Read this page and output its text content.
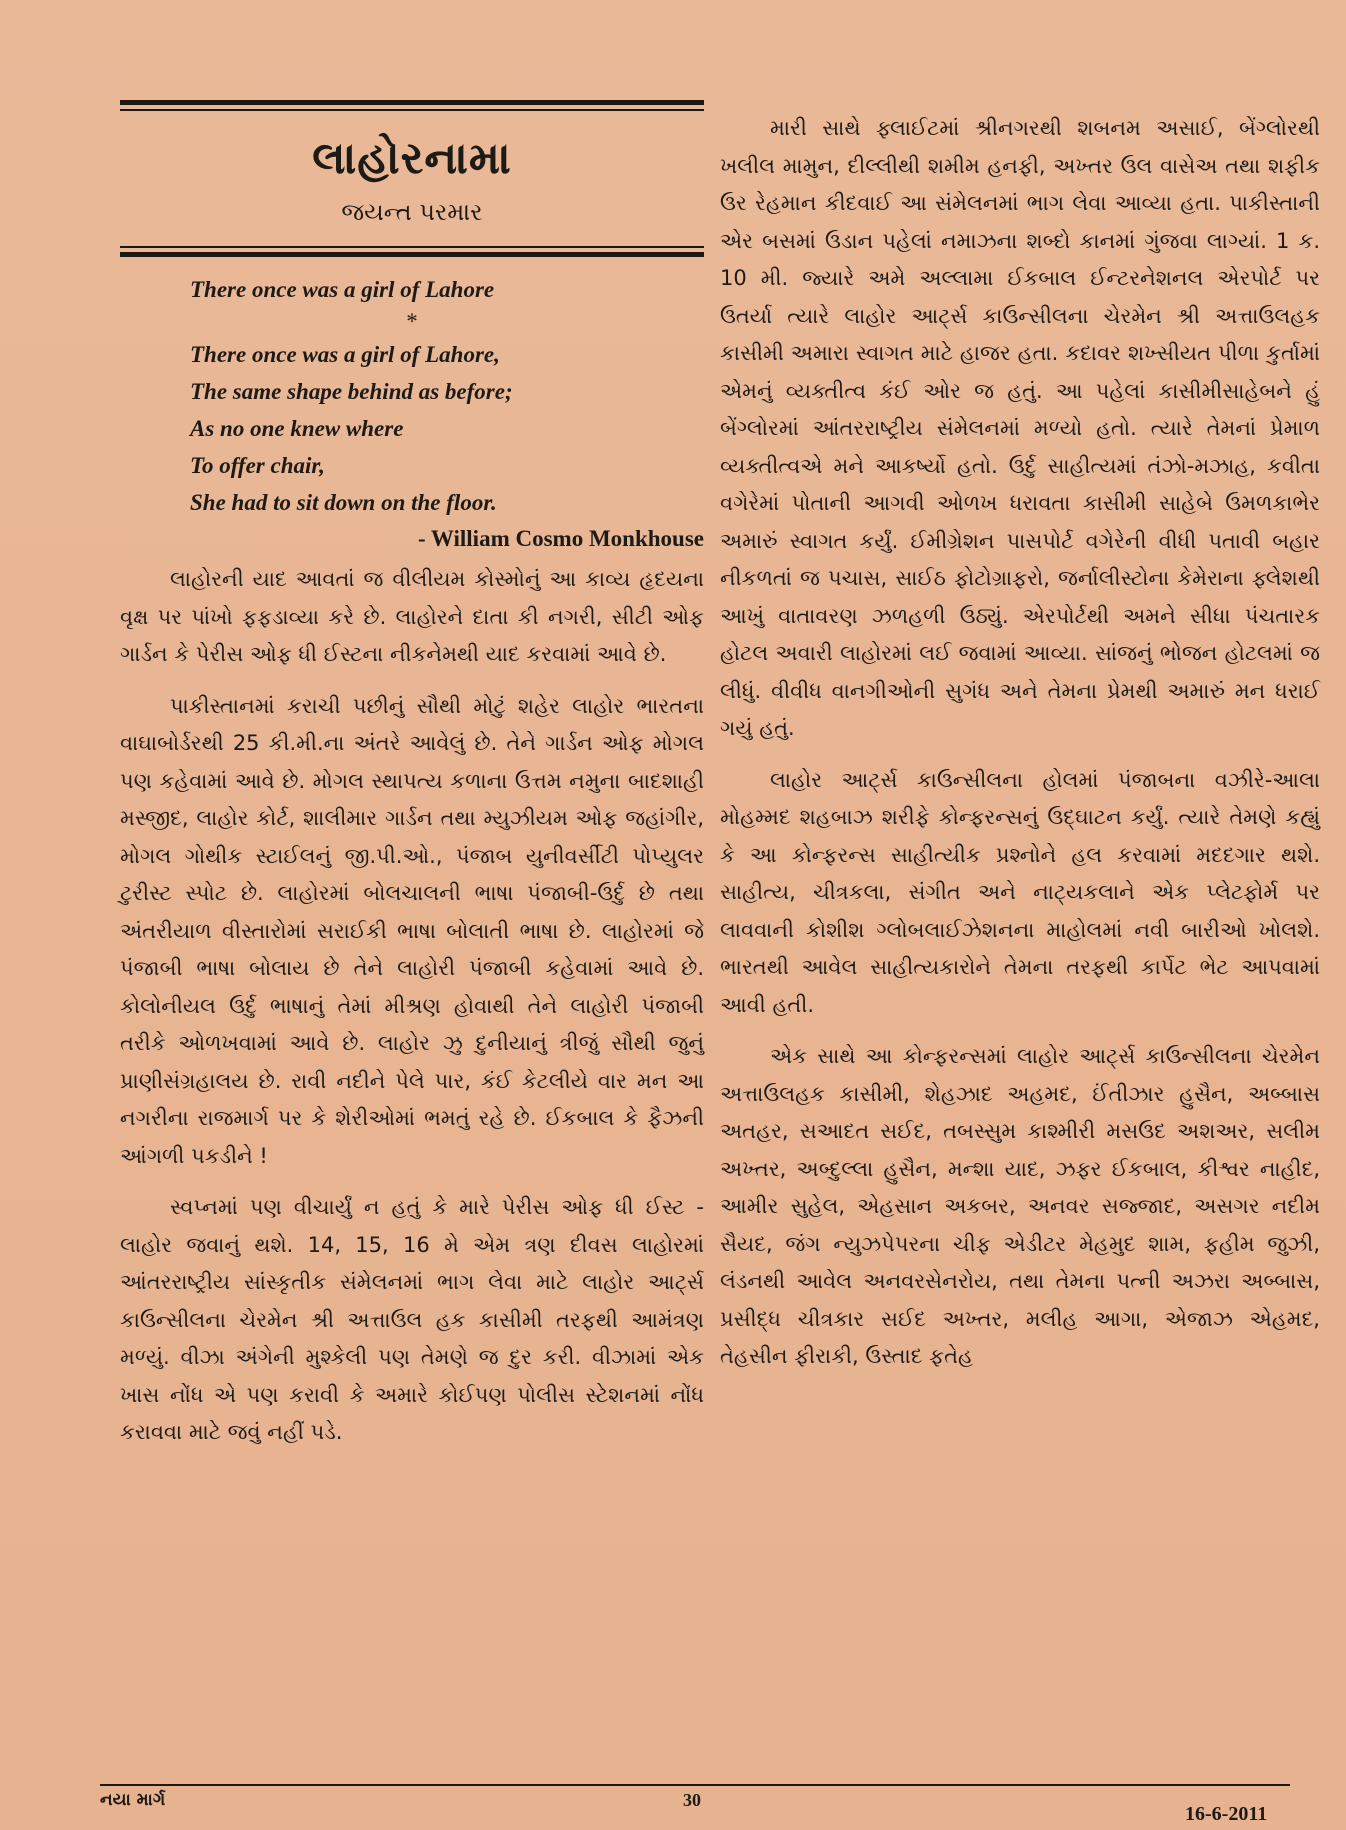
લાહોરનામા
જયન્ત પરમાર
There once was a girl of Lahore
*
There once was a girl of Lahore,
The same shape behind as before;
As no one knew where
To offer chair,
She had to sit down on the floor.
- William Cosmo Monkhouse

લાહોરની યાદ આવતાં જ વીલીયમ કોસ્મોનું આ કાવ્ય હૃદયના વૃક્ષ પર પાંખો ફફડાવ્યા કરે છે. લાહોરને દાતા કી નગરી, સીટી ઓફ ગાર્ડન કે પેરીસ ઓફ ધી ઈસ્ટના નીકનેમથી યાદ કરવામાં આવે છે.

પાકીસ્તાનમાં કરાચી પછીનું સૌથી મોટું શહેર લાહોર ભારતના વાઘાબોર્ડરથી 25 કી.મી.ના અંતરે આવેલું છે. તેને ગાર્ડન ઓફ મોગલ પણ કહેવામાં આવે છે. મોગલ સ્થાપત્ય કળાના ઉત્તમ નમુના બાદશાહી મસ્જીદ, લાહોર કોર્ટ, શાલીમાર ગાર્ડન તથા મ્યુઝીયમ ઓફ જહાંગીર, મોગલ ગોથીક સ્ટાઈલનું જી.પી.ઓ., પંજાબ યુનીવર્સીટી પોપ્યુલર ટુરીસ્ટ સ્પોટ છે. લાહોરમાં બોલચાલની ભાષા પંજાબી-ઉર્દુ છે તથા અંતરીયાળ વીસ્તારોમાં સરાઈકી ભાષા બોલાતી ભાષા છે. લાહોરમાં જે પંજાબી ભાષા બોલાય છે તેને લાહોરી પંજાબી કહેવામાં આવે છે. કોલોનીયલ ઉર્દુ ભાષાનું તેમાં મીશ્રણ હોવાથી તેને લાહોરી પંજાબી તરીકે ઓળખવામાં આવે છે. લાહોર ઝુ દુનીયાનું ત્રીજું સૌથી જુનું પ્રાણીસંગ્રહાલય છે. રાવી નદીને પેલે પાર, કંઈ કેટલીયે વાર મન આ નગરીના રાજમાર્ગ પર કે શેરીઓમાં ભમતું રહે છે. ઈકબાલ કે ફૈઝની આંગળી પકડીને !

સ્વપ્નમાં પણ વીચાર્યું ન હતું કે મારે પેરીસ ઓફ ધી ઈસ્ટ - લાહોર જવાનું થશે. 14, 15, 16 મે એમ ત્રણ દીવસ લાહોરમાં આંતરરાષ્ટ્રીય સાંસ્કૃતીક સંમેલનમાં ભાગ લેવા માટે લાહોર આર્ટ્સ કાઉન્સીલના ચેરમેન શ્રી અત્તાઉલ હક કાસીમી તરફથી આમંત્રણ મળ્યું. વીઝા અંગેની મુશ્કેલી પણ તેમણે જ દુર કરી. વીઝામાં એક ખાસ નોંધ એ પણ કરાવી કે અમારે કોઈપણ પોલીસ સ્ટેશનમાં નોંધ કરાવવા માટે જવું નહીં પડે.

મારી સાથે ફ્લાઈટમાં શ્રીનગરથી શબનમ અસાઈ, બેંગ્લોરથી ખલીલ મામુન, દીલ્લીથી શમીમ હનફી, અખ્તર ઉલ વાસેઅ તથા શફીક ઉર રેહમાન કીદવાઈ આ સંમેલનમાં ભાગ લેવા આવ્યા હતા. પાકીસ્તાની એર બસમાં ઉડાન પહેલાં નમાઝના શબ્દો કાનમાં ગુંજવા લાગ્યાં. 1 ક. 10 મી. જ્યારે અમે અલ્લામા ઈકબાલ ઈન્ટરનેશનલ એરપોર્ટ પર ઉતર્યા ત્યારે લાહોર આર્ટ્સ કાઉન્સીલના ચેરમેન શ્રી અત્તાઉલહક કાસીમી અમારા સ્વાગત માટે હાજર હતા. કદાવર શખ્સીયત પીળા કુર્તામાં એમનું વ્યક્તીત્વ કંઈ ઓર જ હતું. આ પહેલાં કાસીમીસાહેબને હું બેંગ્લોરમાં આંતરરાષ્ટ્રીય સંમેલનમાં મળ્યો હતો. ત્યારે તેમનાં પ્રેમાળ વ્યક્તીત્વએ મને આકર્ષ્યો હતો. ઉર્દુ સાહીત્યમાં તંઝો-મઝાહ, કવીતા વગેરેમાં પોતાની આગવી ઓળખ ધરાવતા કાસીમી સાહેબે ઉમળકાભેર અમારું સ્વાગત કર્યું. ઈમીગ્રેશન પાસપોર્ટ વગેરેની વીધી પતાવી બહાર નીકળતાં જ પચાસ, સાઈઠ ફોટોગ્રાફરો, જર્નાલીસ્ટોના કેમેરાના ફ્લેશથી આખું વાતાવરણ ઝળહળી ઉઠ્યું. એરપોર્ટથી અમને સીધા પંચતારક હોટલ અવારી લાહોરમાં લઈ જવામાં આવ્યા. સાંજનું ભોજન હોટલમાં જ લીધું. વીવીધ વાનગીઓની સુગંધ અને તેમના પ્રેમથી અમારું મન ધરાઈ ગયું હતું.

લાહોર આર્ટ્સ કાઉન્સીલના હોલમાં પંજાબના વઝીરે-આલા મોહમ્મદ શહબાઝ શરીફે કોન્ફરન્સનું ઉદ્ઘાટન કર્યું. ત્યારે તેમણે કહ્યું કે આ કોન્ફરન્સ સાહીત્યીક પ્રશ્નોને હલ કરવામાં મદદગાર થશે. સાહીત્ય, ચીત્રકલા, સંગીત અને નાટ્યકલાને એક પ્લેટફોર્મ પર લાવવાની કોશીશ ગ્લોબલાઈઝેશનના માહોલમાં નવી બારીઓ ખોલશે. ભારતથી આવેલ સાહીત્યકારોને તેમના તરફથી કાર્પેટ ભેટ આપવામાં આવી હતી.

એક સાથે આ કોન્ફરન્સમાં લાહોર આર્ટ્સ કાઉન્સીલના ચેરમેન અત્તાઉલહક કાસીમી, શેહઝાદ અહમદ, ઈંતીઝાર હુસૈન, અબ્બાસ અતહર, સઆદત સઈદ, તબસ્સુમ કાશ્મીરી મસઉદ અશઅર, સલીમ અખ્તર, અબ્દુલ્લા હુસૈન, મન્શા યાદ, ઝફર ઈકબાલ, કીશ્વર નાહીદ, આમીર સુહેલ, એહસાન અકબર, અનવર સજ્જાદ, અસગર નદીમ સૈયદ, જંગ ન્યુઝપેપરના ચીફ એડીટર મેહમુદ શામ, ફહીમ જુઝી, લંડનથી આવેલ અનવરસેનરોય, તથા તેમના પત્ની અઝરા અબ્બાસ, પ્રસીદ્ધ ચીત્રકાર સઈદ અખ્તર, મલીહ આગા, એજાઝ એહમદ, તેહસીન ફીરાકી, ઉસ્તાદ ફતેહ

નયા માર્ગ	30
16-6-2011
